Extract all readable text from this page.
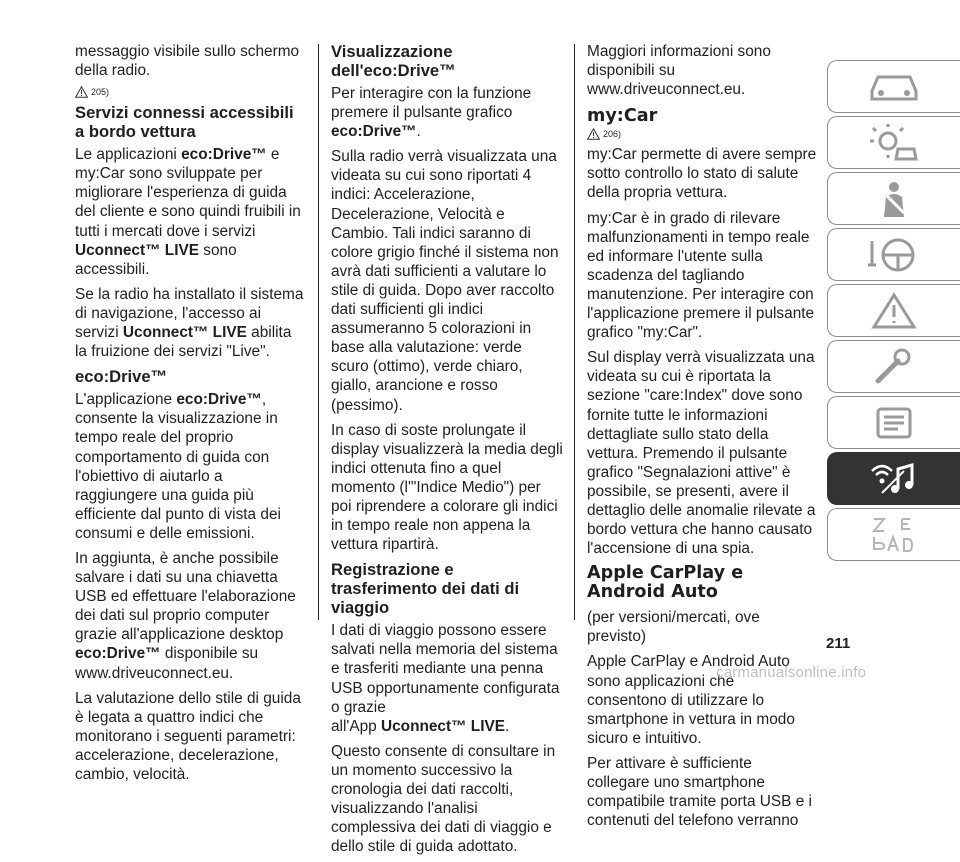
messaggio visibile sullo schermo della radio.

205)
Servizi connessi accessibili a bordo vettura

Le applicazioni eco:Drive™ e my:Car sono sviluppate per migliorare l'esperienza di guida del cliente e sono quindi fruibili in tutti i mercati dove i servizi Uconnect™ LIVE sono accessibili.

Se la radio ha installato il sistema di navigazione, l'accesso ai servizi Uconnect™ LIVE abilita la fruizione dei servizi "Live".

eco:Drive™

L'applicazione eco:Drive™, consente la visualizzazione in tempo reale del proprio comportamento di guida con l'obiettivo di aiutarlo a raggiungere una guida più efficiente dal punto di vista dei consumi e delle emissioni.

In aggiunta, è anche possibile salvare i dati su una chiavetta USB ed effettuare l'elaborazione dei dati sul proprio computer grazie all'applicazione desktop eco:Drive™ disponibile su www.driveuconnect.eu.

La valutazione dello stile di guida è legata a quattro indici che monitorano i seguenti parametri: accelerazione, decelerazione, cambio, velocità.

Visualizzazione dell'eco:Drive™

Per interagire con la funzione premere il pulsante grafico eco:Drive™.

Sulla radio verrà visualizzata una videata su cui sono riportati 4 indici: Accelerazione, Decelerazione, Velocità e Cambio. Tali indici saranno di colore grigio finché il sistema non avrà dati sufficienti a valutare lo stile di guida. Dopo aver raccolto dati sufficienti gli indici assumeranno 5 colorazioni in base alla valutazione: verde scuro (ottimo), verde chiaro, giallo, arancione e rosso (pessimo).

In caso di soste prolungate il display visualizzerà la media degli indici ottenuta fino a quel momento (l'"Indice Medio") per poi riprendere a colorare gli indici in tempo reale non appena la vettura ripartirà.

Registrazione e trasferimento dei dati di viaggio

I dati di viaggio possono essere salvati nella memoria del sistema e trasferiti mediante una penna USB opportunamente configurata o grazie

all'App Uconnect™ LIVE.

Questo consente di consultare in un momento successivo la cronologia dei dati raccolti, visualizzando l'analisi complessiva dei dati di viaggio e dello stile di guida adottato.

Maggiori informazioni sono disponibili su www.driveuconnect.eu.

my:Car
206)

my:Car permette di avere sempre sotto controllo lo stato di salute della propria vettura.

my:Car è in grado di rilevare malfunzionamenti in tempo reale ed informare l'utente sulla scadenza del tagliando manutenzione. Per interagire con l'applicazione premere il pulsante grafico "my:Car".

Sul display verrà visualizzata una videata su cui è riportata la sezione "care:Index" dove sono fornite tutte le informazioni dettagliate sullo stato della vettura. Premendo il pulsante grafico "Segnalazioni attive" è possibile, se presenti, avere il dettaglio delle anomalie rilevate a bordo vettura che hanno causato l'accensione di una spia.

Apple CarPlay e Android Auto

(per versioni/mercati, ove previsto)

Apple CarPlay e Android Auto sono applicazioni che consentono di utilizzare lo smartphone in vettura in modo sicuro e intuitivo.

Per attivare è sufficiente collegare uno smartphone compatibile tramite porta USB e i contenuti del telefono verranno

211
carmanualsonline.info
